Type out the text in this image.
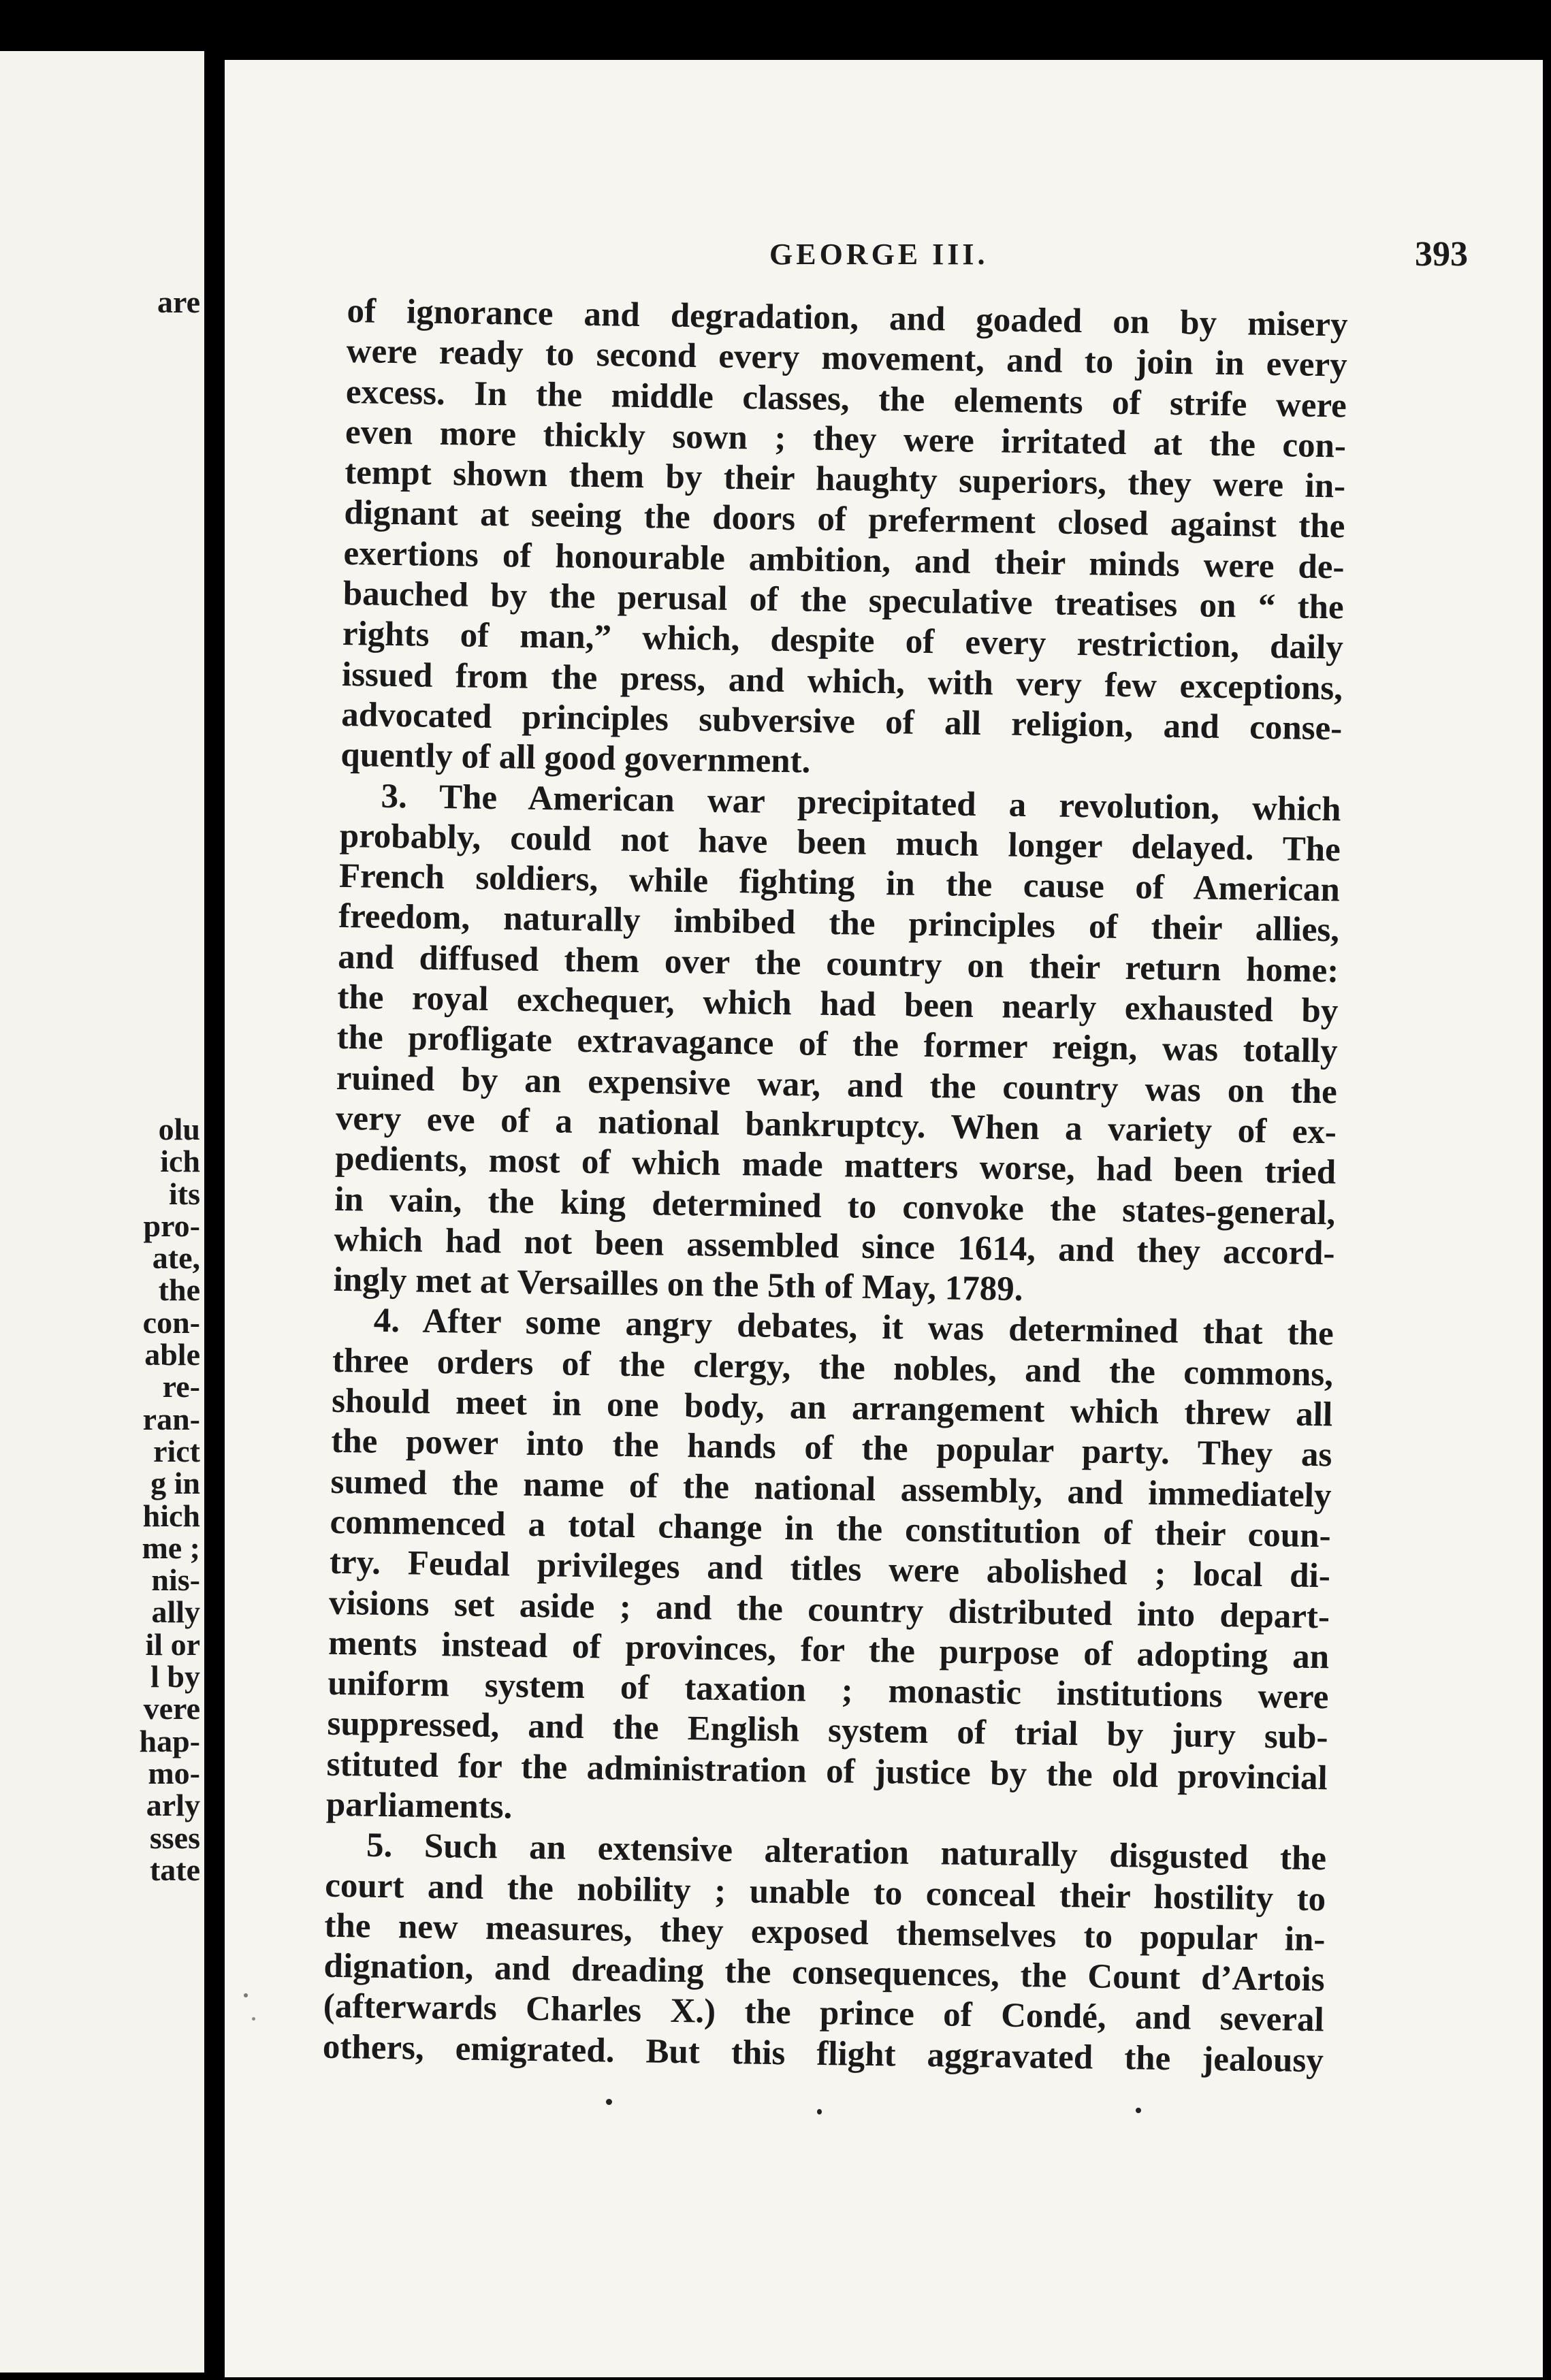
are
olu
ich
its
pro-
ate,
the
con-
able
re-
ran-
rict
g in
hich
me ;
nis-
ally
il or
l by
vere
hap-
mo-
arly
sses
tate
GEORGE III.	393
of ignorance and degradation, and goaded on by misery
were ready to second every movement, and to join in every
excess. In the middle classes, the elements of strife were
even more thickly sown ; they were irritated at the con-
tempt shown them by their haughty superiors, they were in-
dignant at seeing the doors of preferment closed against the
exertions of honourable ambition, and their minds were de-
bauched by the perusal of the speculative treatises on “ the
rights of man,” which, despite of every restriction, daily
issued from the press, and which, with very few exceptions,
advocated principles subversive of all religion, and conse-
quently of all good government.
3. The American war precipitated a revolution, which
probably, could not have been much longer delayed. The
French soldiers, while fighting in the cause of American
freedom, naturally imbibed the principles of their allies,
and diffused them over the country on their return home:
the royal exchequer, which had been nearly exhausted by
the profligate extravagance of the former reign, was totally
ruined by an expensive war, and the country was on the
very eve of a national bankruptcy. When a variety of ex-
pedients, most of which made matters worse, had been tried
in vain, the king determined to convoke the states-general,
which had not been assembled since 1614, and they accord-
ingly met at Versailles on the 5th of May, 1789.
4. After some angry debates, it was determined that the
three orders of the clergy, the nobles, and the commons,
should meet in one body, an arrangement which threw all
the power into the hands of the popular party. They as
sumed the name of the national assembly, and immediately
commenced a total change in the constitution of their coun-
try. Feudal privileges and titles were abolished ; local di-
visions set aside ; and the country distributed into depart-
ments instead of provinces, for the purpose of adopting an
uniform system of taxation ; monastic institutions were
suppressed, and the English system of trial by jury sub-
stituted for the administration of justice by the old provincial
parliaments.
5. Such an extensive alteration naturally disgusted the
court and the nobility ; unable to conceal their hostility to
the new measures, they exposed themselves to popular in-
dignation, and dreading the consequences, the Count d’Artois
(afterwards Charles X.) the prince of Condé, and several
others, emigrated. But this flight aggravated the jealousy
